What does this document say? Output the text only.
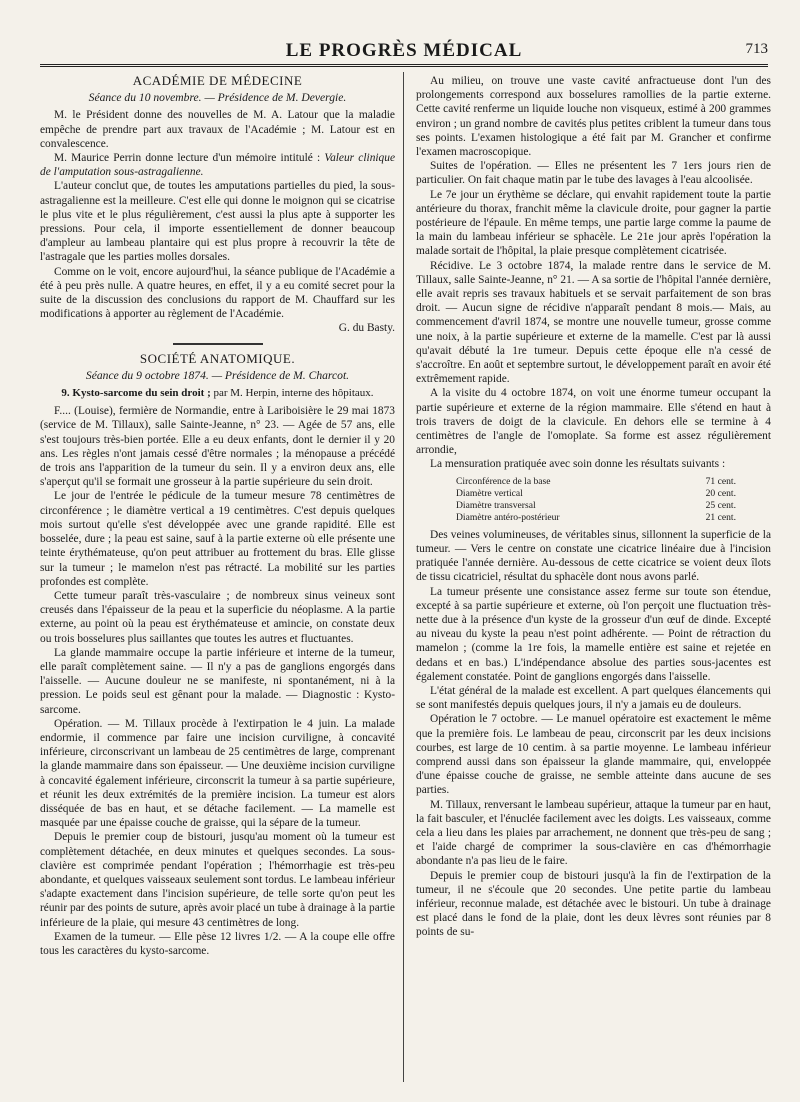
LE PROGRÈS MÉDICAL	713
ACADÉMIE DE MÉDECINE
Séance du 10 novembre. — Présidence de M. Devergie.

M. le Président donne des nouvelles de M. A. Latour que la maladie empêche de prendre part aux travaux de l'Académie ; M. Latour est en convalescence.

M. Maurice Perrin donne lecture d'un mémoire intitulé : Valeur clinique de l'amputation sous-astragalienne.

L'auteur conclut que, de toutes les amputations partielles du pied, la sous-astragalienne est la meilleure. C'est elle qui donne le moignon qui se cicatrise le plus vite et le plus régulièrement, c'est aussi la plus apte à supporter les pressions. Pour cela, il importe essentiellement de donner beaucoup d'ampleur au lambeau plantaire qui est plus propre à recouvrir la tête de l'astragale que les parties molles dorsales.

Comme on le voit, encore aujourd'hui, la séance publique de l'Académie a été à peu près nulle. A quatre heures, en effet, il y a eu comité secret pour la suite de la discussion des conclusions du rapport de M. Chauffard sur les modifications à apporter au règlement de l'Académie.

G. du Basty.

SOCIÉTÉ ANATOMIQUE.
Séance du 9 octobre 1874. — Présidence de M. Charcot.
9. Kysto-sarcome du sein droit ; par M. Herpin, interne des hôpitaux.

F.... (Louise), fermière de Normandie, entre à Lariboisière le 29 mai 1873 (service de M. Tillaux), salle Sainte-Jeanne, n° 23. — Agée de 57 ans, elle s'est toujours très-bien portée. Elle a eu deux enfants, dont le dernier il y 20 ans. Les règles n'ont jamais cessé d'être normales ; la ménopause a précédé de trois ans l'apparition de la tumeur du sein. Il y a environ deux ans, elle s'aperçut qu'il se formait une grosseur à la partie supérieure du sein droit.

Le jour de l'entrée le pédicule de la tumeur mesure 78 centimètres de circonférence ; le diamètre vertical a 19 centimètres. C'est depuis quelques mois surtout qu'elle s'est développée avec une grande rapidité. Elle est bosselée, dure ; la peau est saine, sauf à la partie externe où elle présente une teinte érythémateuse, qu'on peut attribuer au frottement du bras. Elle glisse sur la tumeur ; le mamelon n'est pas rétracté. La mobilité sur les parties profondes est complète.

Cette tumeur paraît très-vasculaire ; de nombreux sinus veineux sont creusés dans l'épaisseur de la peau et la superficie du néoplasme. A la partie externe, au point où la peau est érythémateuse et amincie, on constate deux ou trois bosselures plus saillantes que toutes les autres et fluctuantes.

La glande mammaire occupe la partie inférieure et interne de la tumeur, elle paraît complètement saine. — Il n'y a pas de ganglions engorgés dans l'aisselle. — Aucune douleur ne se manifeste, ni spontanément, ni à la pression. Le poids seul est gênant pour la malade. — Diagnostic : Kysto-sarcome.

Opération. — M. Tillaux procède à l'extirpation le 4 juin. La malade endormie, il commence par faire une incision curviligne, à concavité inférieure, circonscrivant un lambeau de 25 centimètres de large, comprenant la glande mammaire dans son épaisseur. — Une deuxième incision curviligne à concavité également inférieure, circonscrit la tumeur à sa partie supérieure, et réunit les deux extrémités de la première incision. La tumeur est alors disséquée de bas en haut, et se détache facilement. — La mamelle est masquée par une épaisse couche de graisse, qui la sépare de la tumeur.

Depuis le premier coup de bistouri, jusqu'au moment où la tumeur est complètement détachée, en deux minutes et quelques secondes. La sous-clavière est comprimée pendant l'opération ; l'hémorrhagie est très-peu abondante, et quelques vaisseaux seulement sont tordus. Le lambeau inférieur s'adapte exactement dans l'incision supérieure, de telle sorte qu'on peut les réunir par des points de suture, après avoir placé un tube à drainage à la partie inférieure de la plaie, qui mesure 43 centimètres de long.

Examen de la tumeur. — Elle pèse 12 livres 1/2. — A la coupe elle offre tous les caractères du kysto-sarcome.

Au milieu, on trouve une vaste cavité anfractueuse dont l'un des prolongements correspond aux bosselures ramollies de la partie externe. Cette cavité renferme un liquide louche non visqueux, estimé à 200 grammes environ ; un grand nombre de cavités plus petites criblent la tumeur dans tous ses points. L'examen histologique a été fait par M. Grancher et confirme l'examen macroscopique.

Suites de l'opération. — Elles ne présentent les 7 1ers jours rien de particulier. On fait chaque matin par le tube des lavages à l'eau alcoolisée.

Le 7e jour un érythème se déclare, qui envahit rapidement toute la partie antérieure du thorax, franchit même la clavicule droite, pour gagner la partie postérieure de l'épaule. En même temps, une partie large comme la paume de la main du lambeau inférieur se sphacèle. Le 21e jour après l'opération la malade sortait de l'hôpital, la plaie presque complètement cicatrisée.

Récidive. Le 3 octobre 1874, la malade rentre dans le service de M. Tillaux, salle Sainte-Jeanne, n° 21. — A sa sortie de l'hôpital l'année dernière, elle avait repris ses travaux habituels et se servait parfaitement de son bras droit. — Aucun signe de récidive n'apparaît pendant 8 mois.— Mais, au commencement d'avril 1874, se montre une nouvelle tumeur, grosse comme une noix, à la partie supérieure et externe de la mamelle. C'est par là aussi qu'avait débuté la 1re tumeur. Depuis cette époque elle n'a cessé de s'accroître. En août et septembre surtout, le développement paraît en avoir été extrêmement rapide.

A la visite du 4 octobre 1874, on voit une énorme tumeur occupant la partie supérieure et externe de la région mammaire. Elle s'étend en haut à trois travers de doigt de la clavicule. En dehors elle se termine à 4 centimètres de l'angle de l'omoplate. Sa forme est assez régulièrement arrondie,

La mensuration pratiquée avec soin donne les résultats suivants :

Circonférence de la base	71 cent.
Diamètre vertical	20 cent.
Diamètre transversal	25 cent.
Diamètre antéro-postérieur	21 cent.

Des veines volumineuses, de véritables sinus, sillonnent la superficie de la tumeur. — Vers le centre on constate une cicatrice linéaire due à l'incision pratiquée l'année dernière. Au-dessous de cette cicatrice se voient deux îlots de tissu cicatriciel, résultat du sphacèle dont nous avons parlé.

La tumeur présente une consistance assez ferme sur toute son étendue, excepté à sa partie supérieure et externe, où l'on perçoit une fluctuation très-nette due à la présence d'un kyste de la grosseur d'un œuf de dinde. Excepté au niveau du kyste la peau n'est point adhérente. — Point de rétraction du mamelon ; (comme la 1re fois, la mamelle entière est saine et rejetée en dedans et en bas.) L'indépendance absolue des parties sous-jacentes est également constatée. Point de ganglions engorgés dans l'aisselle.

L'état général de la malade est excellent. A part quelques élancements qui se sont manifestés depuis quelques jours, il n'y a jamais eu de douleurs.

Opération le 7 octobre. — Le manuel opératoire est exactement le même que la première fois. Le lambeau de peau, circonscrit par les deux incisions courbes, est large de 10 centim. à sa partie moyenne. Le lambeau inférieur comprend aussi dans son épaisseur la glande mammaire, qui, enveloppée d'une épaisse couche de graisse, ne semble atteinte dans aucune de ses parties.

M. Tillaux, renversant le lambeau supérieur, attaque la tumeur par en haut, la fait basculer, et l'énuclée facilement avec les doigts. Les vaisseaux, comme cela a lieu dans les plaies par arrachement, ne donnent que très-peu de sang ; et l'aide chargé de comprimer la sous-clavière en cas d'hémorrhagie abondante n'a pas lieu de le faire.

Depuis le premier coup de bistouri jusqu'à la fin de l'extirpation de la tumeur, il ne s'écoule que 20 secondes. Une petite partie du lambeau inférieur, reconnue malade, est détachée avec le bistouri. Un tube à drainage est placé dans le fond de la plaie, dont les deux lèvres sont réunies par 8 points de su-
